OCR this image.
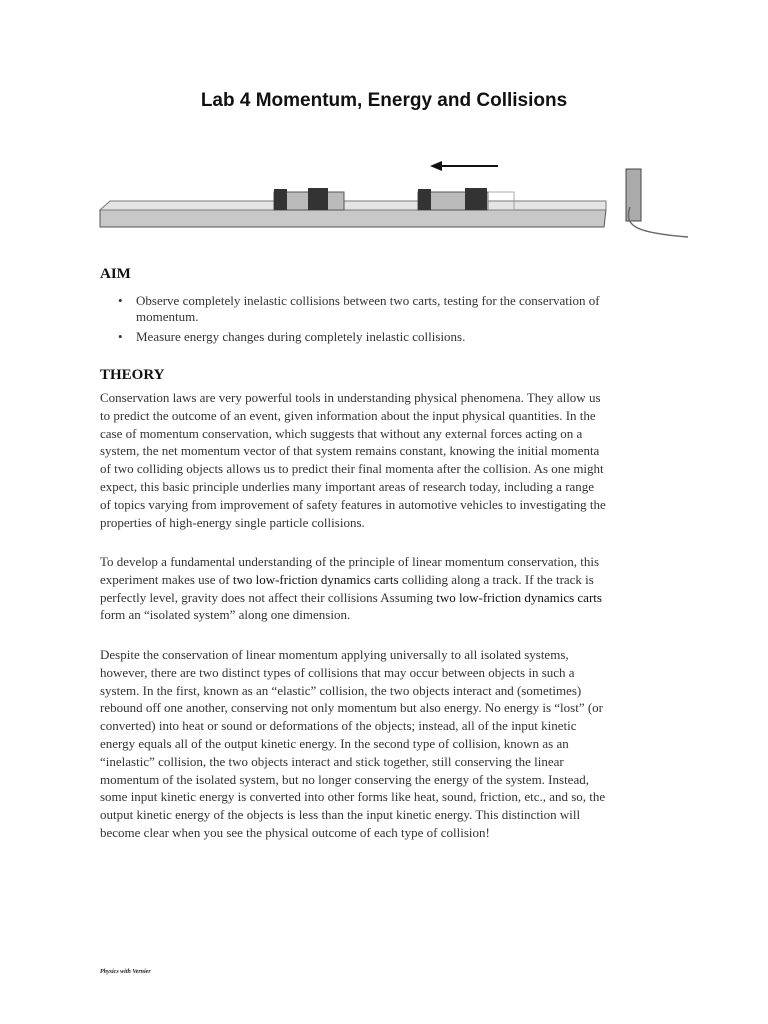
Lab 4 Momentum, Energy and Collisions
AIM
• Observe completely inelastic collisions between two carts, testing for the conservation of
momentum.
• Measure energy changes during completely inelastic collisions.
THEORY
Conservation laws are very powerful tools in understanding physical phenomena. They allow us
to predict the outcome of an event, given information about the input physical quantities. In the
case of momentum conservation, which suggests that without any external forces acting on a
system, the net momentum vector of that system remains constant, knowing the initial momenta
of two colliding objects allows us to predict their final momenta after the collision. As one might
expect, this basic principle underlies many important areas of research today, including a range
of topics varying from improvement of safety features in automotive vehicles to investigating the
properties of high-energy single particle collisions.
To develop a fundamental understanding of the principle of linear momentum conservation, this
experiment makes use of two low-friction dynamics carts colliding along a track. If the track is
perfectly level, gravity does not affect their collisions Assuming two low-friction dynamics carts
form an “isolated system” along one dimension.
Despite the conservation of linear momentum applying universally to all isolated systems,
however, there are two distinct types of collisions that may occur between objects in such a
system. In the first, known as an “elastic” collision, the two objects interact and (sometimes)
rebound off one another, conserving not only momentum but also energy. No energy is “lost” (or
converted) into heat or sound or deformations of the objects; instead, all of the input kinetic
energy equals all of the output kinetic energy. In the second type of collision, known as an
“inelastic” collision, the two objects interact and stick together, still conserving the linear
momentum of the isolated system, but no longer conserving the energy of the system. Instead,
some input kinetic energy is converted into other forms like heat, sound, friction, etc., and so, the
output kinetic energy of the objects is less than the input kinetic energy. This distinction will
become clear when you see the physical outcome of each type of collision!
Physics with Vernier
